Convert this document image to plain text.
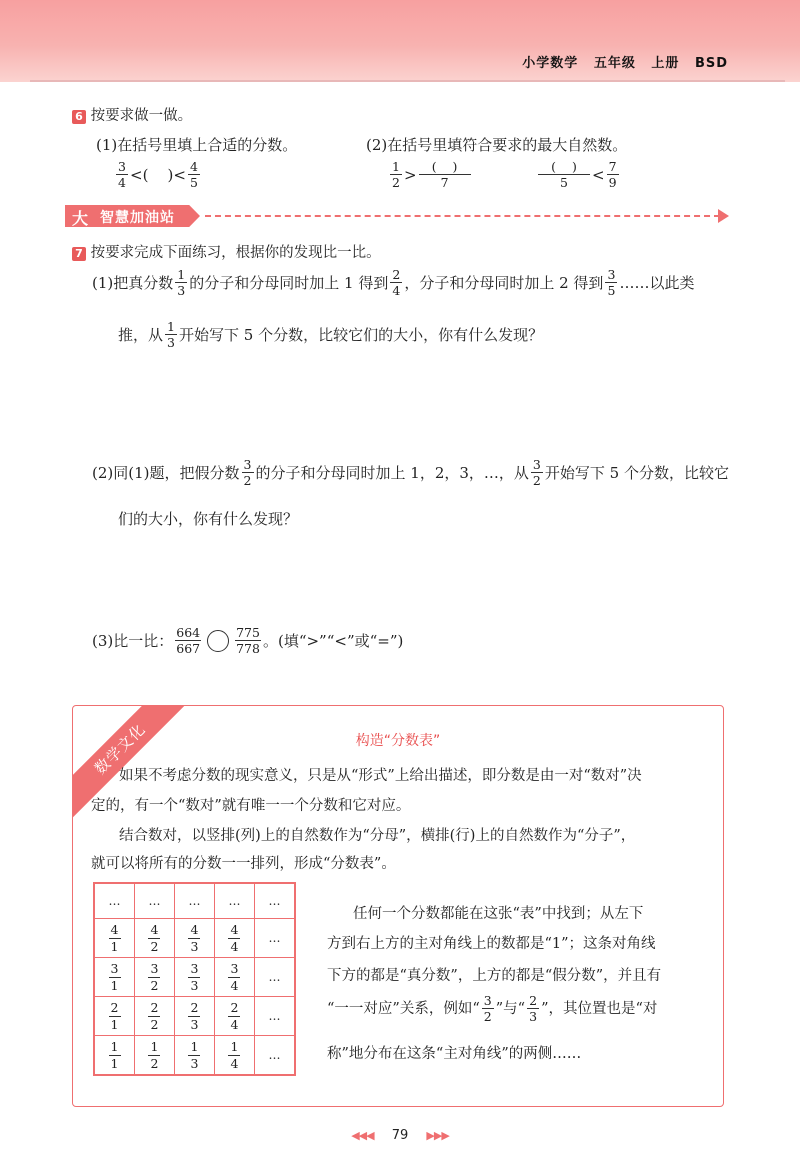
小学数学 五年级 上册 BSD
6 按要求做一做。
(1)在括号里填上合适的分数。	(2)在括号里填符合要求的最大自然数。
3
4 <(    )< 4
5
1
2 >	(    )
7
(    )
5	< 7
9
大 智慧加油站
7 按要求完成下面练习，根据你的发现比一比。
(1)把真分数 1
3 的分子和分母同时加上 1 得到 2
4 ，分子和分母同时加上 2 得到 3
5 ……以此类
推，从 1
3 开始写下 5 个分数，比较它们的大小，你有什么发现？
(2)同(1)题，把假分数 3
2 的分子和分母同时加上 1，2，3，…，从 3
2 开始写下 5 个分数，比较它
们的大小，你有什么发现？
(3)比一比： 664
667
775
778 。(填“>”“<”或“=”)
数学文化	构造“分数表”
如果不考虑分数的现实意义，只是从“形式”上给出描述，即分数是由一对“数对”决
定的，有一个“数对”就有唯一一个分数和它对应。
结合数对，以竖排(列)上的自然数作为“分母”，横排(行)上的自然数作为“分子”，
就可以将所有的分数一一排列，形成“分数表”。
…	…	…	…	…

$\frac{4}{1}$	$\frac{4}{2}$	$\frac{4}{3}$	$\frac{4}{4}$	…

$\frac{3}{1}$	$\frac{3}{2}$	$\frac{3}{3}$	$\frac{3}{4}$	…

$\frac{2}{1}$	$\frac{2}{2}$	$\frac{2}{3}$	$\frac{2}{4}$	…

$\frac{1}{1}$	$\frac{1}{2}$	$\frac{1}{3}$	$\frac{1}{4}$	…
任何一个分数都能在这张“表”中找到；从左下
方到右上方的主对角线上的数都是“1”；这条对角线
下方的都是“真分数”，上方的都是“假分数”，并且有
“一一对应”关系，例如“
3
2 ”与“
2
3 ”，其位置也是“对
称”地分布在这条“主对角线”的两侧……
◀◀◀ 79 ▶▶▶
